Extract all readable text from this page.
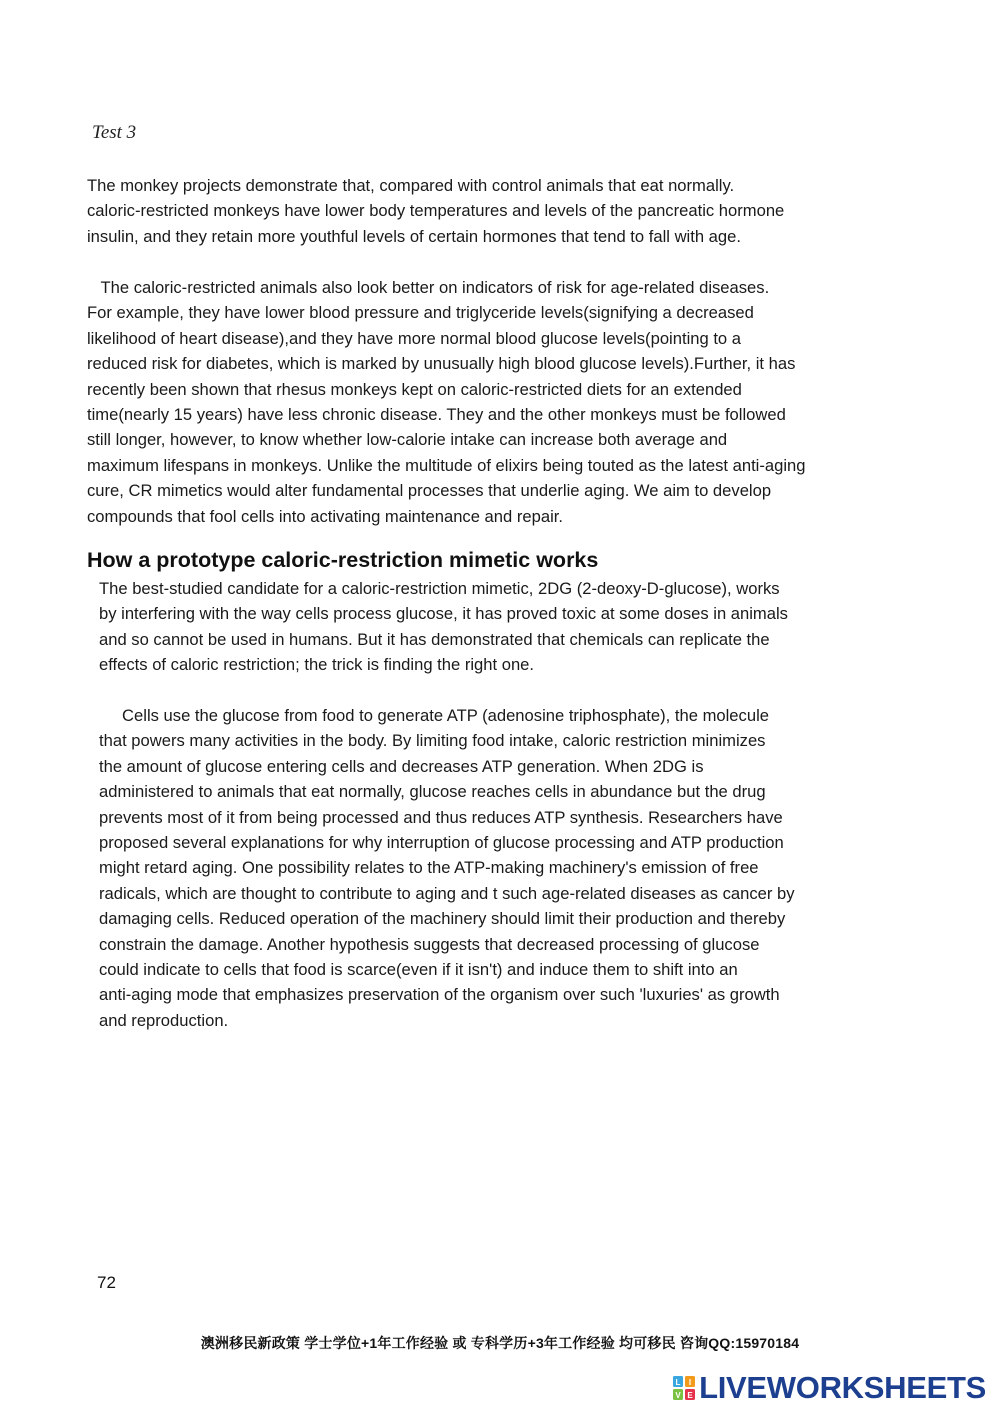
Test 3

The monkey projects demonstrate that, compared with control animals that eat normally.
caloric-restricted monkeys have lower body temperatures and levels of the pancreatic hormone
insulin, and they retain more youthful levels of certain hormones that tend to fall with age.

The caloric-restricted animals also look better on indicators of risk for age-related diseases.
For example, they have lower blood pressure and triglyceride levels(signifying a decreased
likelihood of heart disease),and they have more normal blood glucose levels(pointing to a
reduced risk for diabetes, which is marked by unusually high blood glucose levels).Further, it has
recently been shown that rhesus monkeys kept on caloric-restricted diets for an extended
time(nearly 15 years) have less chronic disease. They and the other monkeys must be followed
still longer, however, to know whether low-calorie intake can increase both average and
maximum lifespans in monkeys. Unlike the multitude of elixirs being touted as the latest anti-aging
cure, CR mimetics would alter fundamental processes that underlie aging. We aim to develop
compounds that fool cells into activating maintenance and repair.

How a prototype caloric-restriction mimetic works

The best-studied candidate for a caloric-restriction mimetic, 2DG (2-deoxy-D-glucose), works
by interfering with the way cells process glucose, it has proved toxic at some doses in animals
and so cannot be used in humans. But it has demonstrated that chemicals can replicate the
effects of caloric restriction; the trick is finding the right one.

Cells use the glucose from food to generate ATP (adenosine triphosphate), the molecule
that powers many activities in the body. By limiting food intake, caloric restriction minimizes
the amount of glucose entering cells and decreases ATP generation. When 2DG is
administered to animals that eat normally, glucose reaches cells in abundance but the drug
prevents most of it from being processed and thus reduces ATP synthesis. Researchers have
proposed several explanations for why interruption of glucose processing and ATP production
might retard aging. One possibility relates to the ATP-making machinery's emission of free
radicals, which are thought to contribute to aging and t such age-related diseases as cancer by
damaging cells. Reduced operation of the machinery should limit their production and thereby
constrain the damage. Another hypothesis suggests that decreased processing of glucose
could indicate to cells that food is scarce(even if it isn't) and induce them to shift into an
anti-aging mode that emphasizes preservation of the organism over such 'luxuries' as growth
and reproduction.

72
澳洲移民新政策 学士学位+1年工作经验 或 专科学历+3年工作经验 均可移民 咨询QQ:15970184
L I
V E LIVEWORKSHEETS
